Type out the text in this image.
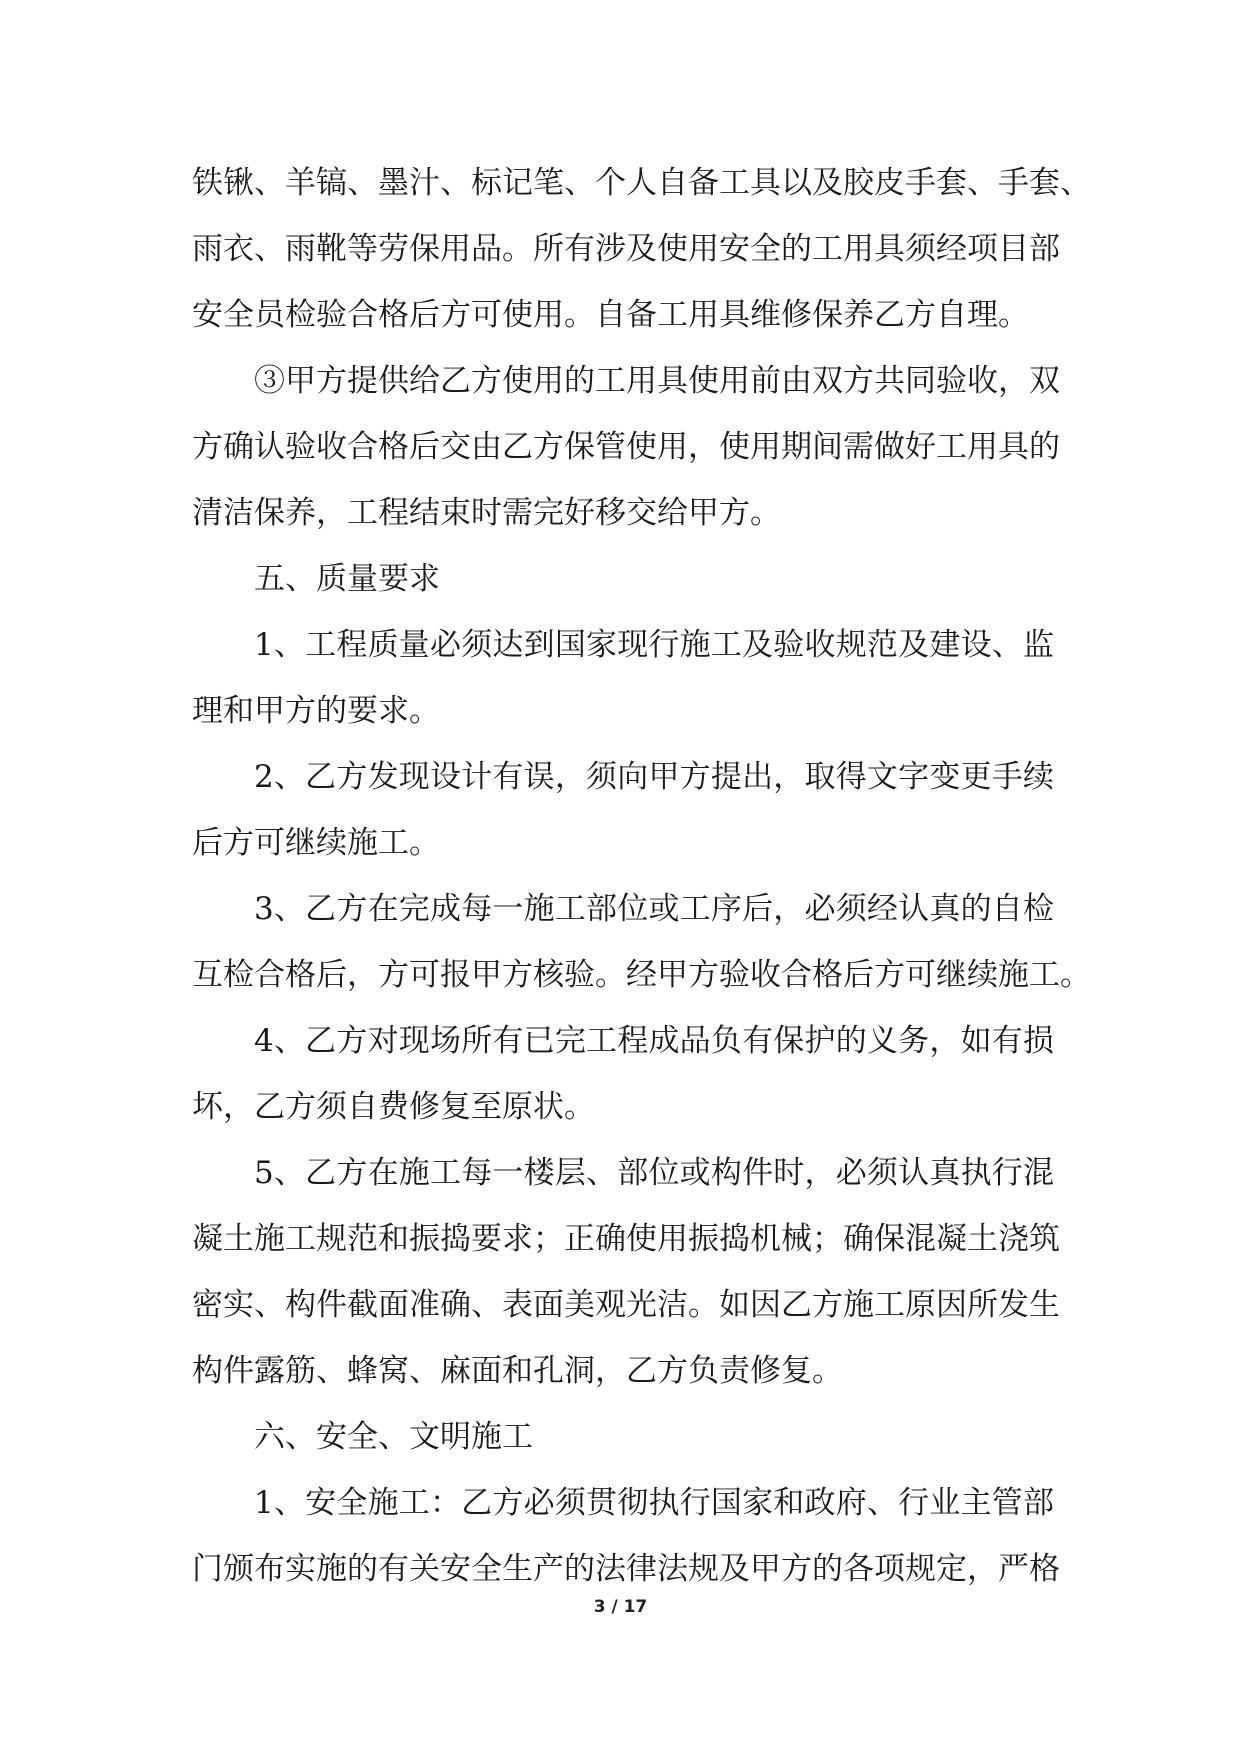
铁锹、羊镐、墨汁、标记笔、个人自备工具以及胶皮手套、手套、
雨衣、雨靴等劳保用品。所有涉及使用安全的工用具须经项目部
安全员检验合格后方可使用。自备工用具维修保养乙方自理。
③甲方提供给乙方使用的工用具使用前由双方共同验收，双
方确认验收合格后交由乙方保管使用，使用期间需做好工用具的
清洁保养，工程结束时需完好移交给甲方。
五、质量要求
1、工程质量必须达到国家现行施工及验收规范及建设、监
理和甲方的要求。
2、乙方发现设计有误，须向甲方提出，取得文字变更手续
后方可继续施工。
3、乙方在完成每一施工部位或工序后，必须经认真的自检
互检合格后，方可报甲方核验。经甲方验收合格后方可继续施工。
4、乙方对现场所有已完工程成品负有保护的义务，如有损
坏，乙方须自费修复至原状。
5、乙方在施工每一楼层、部位或构件时，必须认真执行混
凝土施工规范和振捣要求；正确使用振捣机械；确保混凝土浇筑
密实、构件截面准确、表面美观光洁。如因乙方施工原因所发生
构件露筋、蜂窝、麻面和孔洞，乙方负责修复。
六、安全、文明施工
1、安全施工：乙方必须贯彻执行国家和政府、行业主管部
门颁布实施的有关安全生产的法律法规及甲方的各项规定，严格
3 / 17
